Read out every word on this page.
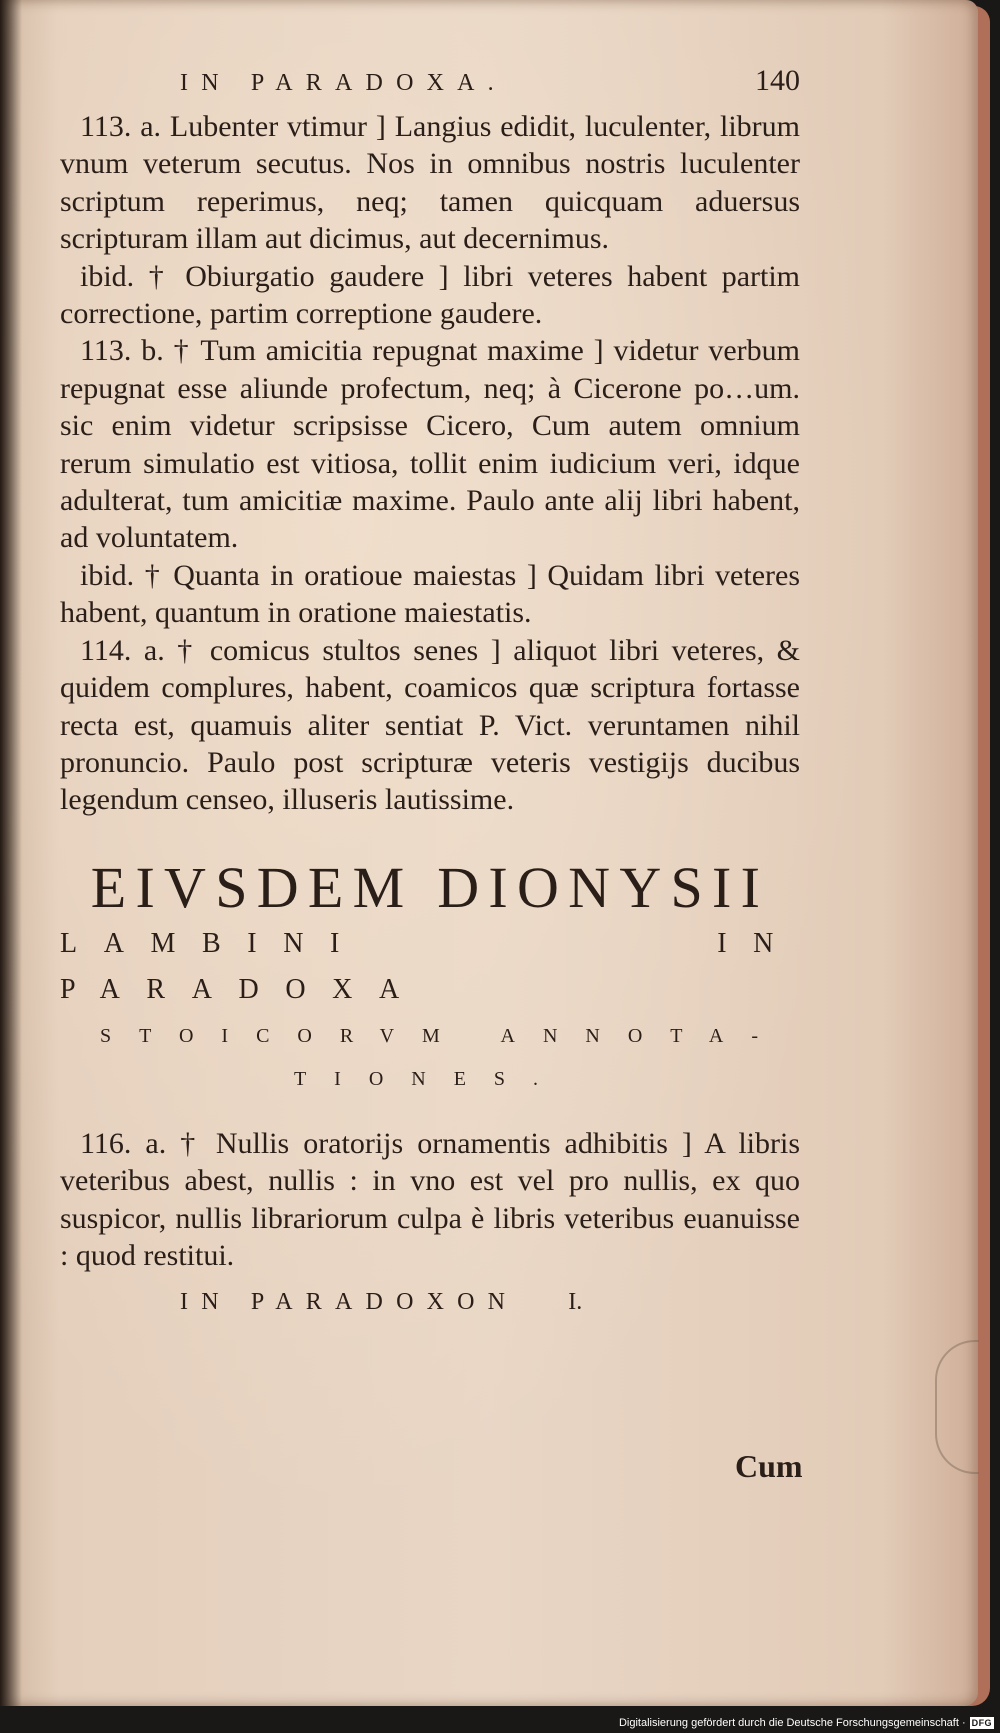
IN PARADOXA.	140

113. a. Lubenter vtimur ] Langius edidit, luculenter, librum vnum veterum secutus. Nos in omnibus nostris luculenter scriptum reperimus, neq; tamen quicquam aduersus scripturam illam aut dicimus, aut decernimus.

ibid. † Obiurgatio gaudere ] libri veteres habent partim correctione, partim correptione gaudere.

113. b. † Tum amicitia repugnat maxime ] videtur verbum repugnat esse aliunde profectum, neq; à Cicerone po…um. sic enim videtur scripsisse Cicero, Cum autem omnium rerum simulatio est vitiosa, tollit enim iudicium veri, idque adulterat, tum amicitiæ maxime. Paulo ante alij libri habent, ad voluntatem.

ibid. † Quanta in oratioue maiestas ] Quidam libri veteres habent, quantum in oratione maiestatis.

114. a. † comicus stultos senes ] aliquot libri veteres, & quidem complures, habent, coamicos quæ scriptura fortasse recta est, quamuis aliter sentiat P. Vict. veruntamen nihil pronuncio. Paulo post scripturæ veteris vestigijs ducibus legendum censeo, illuseris lautissime.

EIVSDEM DIONYSII
LAMBINI IN PARADOXA
STOICORVM ANNOTA-
TIONES.

116. a. † Nullis oratorijs ornamentis adhibitis ] A libris veteribus abest, nullis : in vno est vel pro nullis, ex quo suspicor, nullis librariorum culpa è libris veteribus euanuisse : quod restitui.

IN PARADOXON I.
Cum
Digitalisierung gefördert durch die Deutsche Forschungsgemeinschaft · DFG
